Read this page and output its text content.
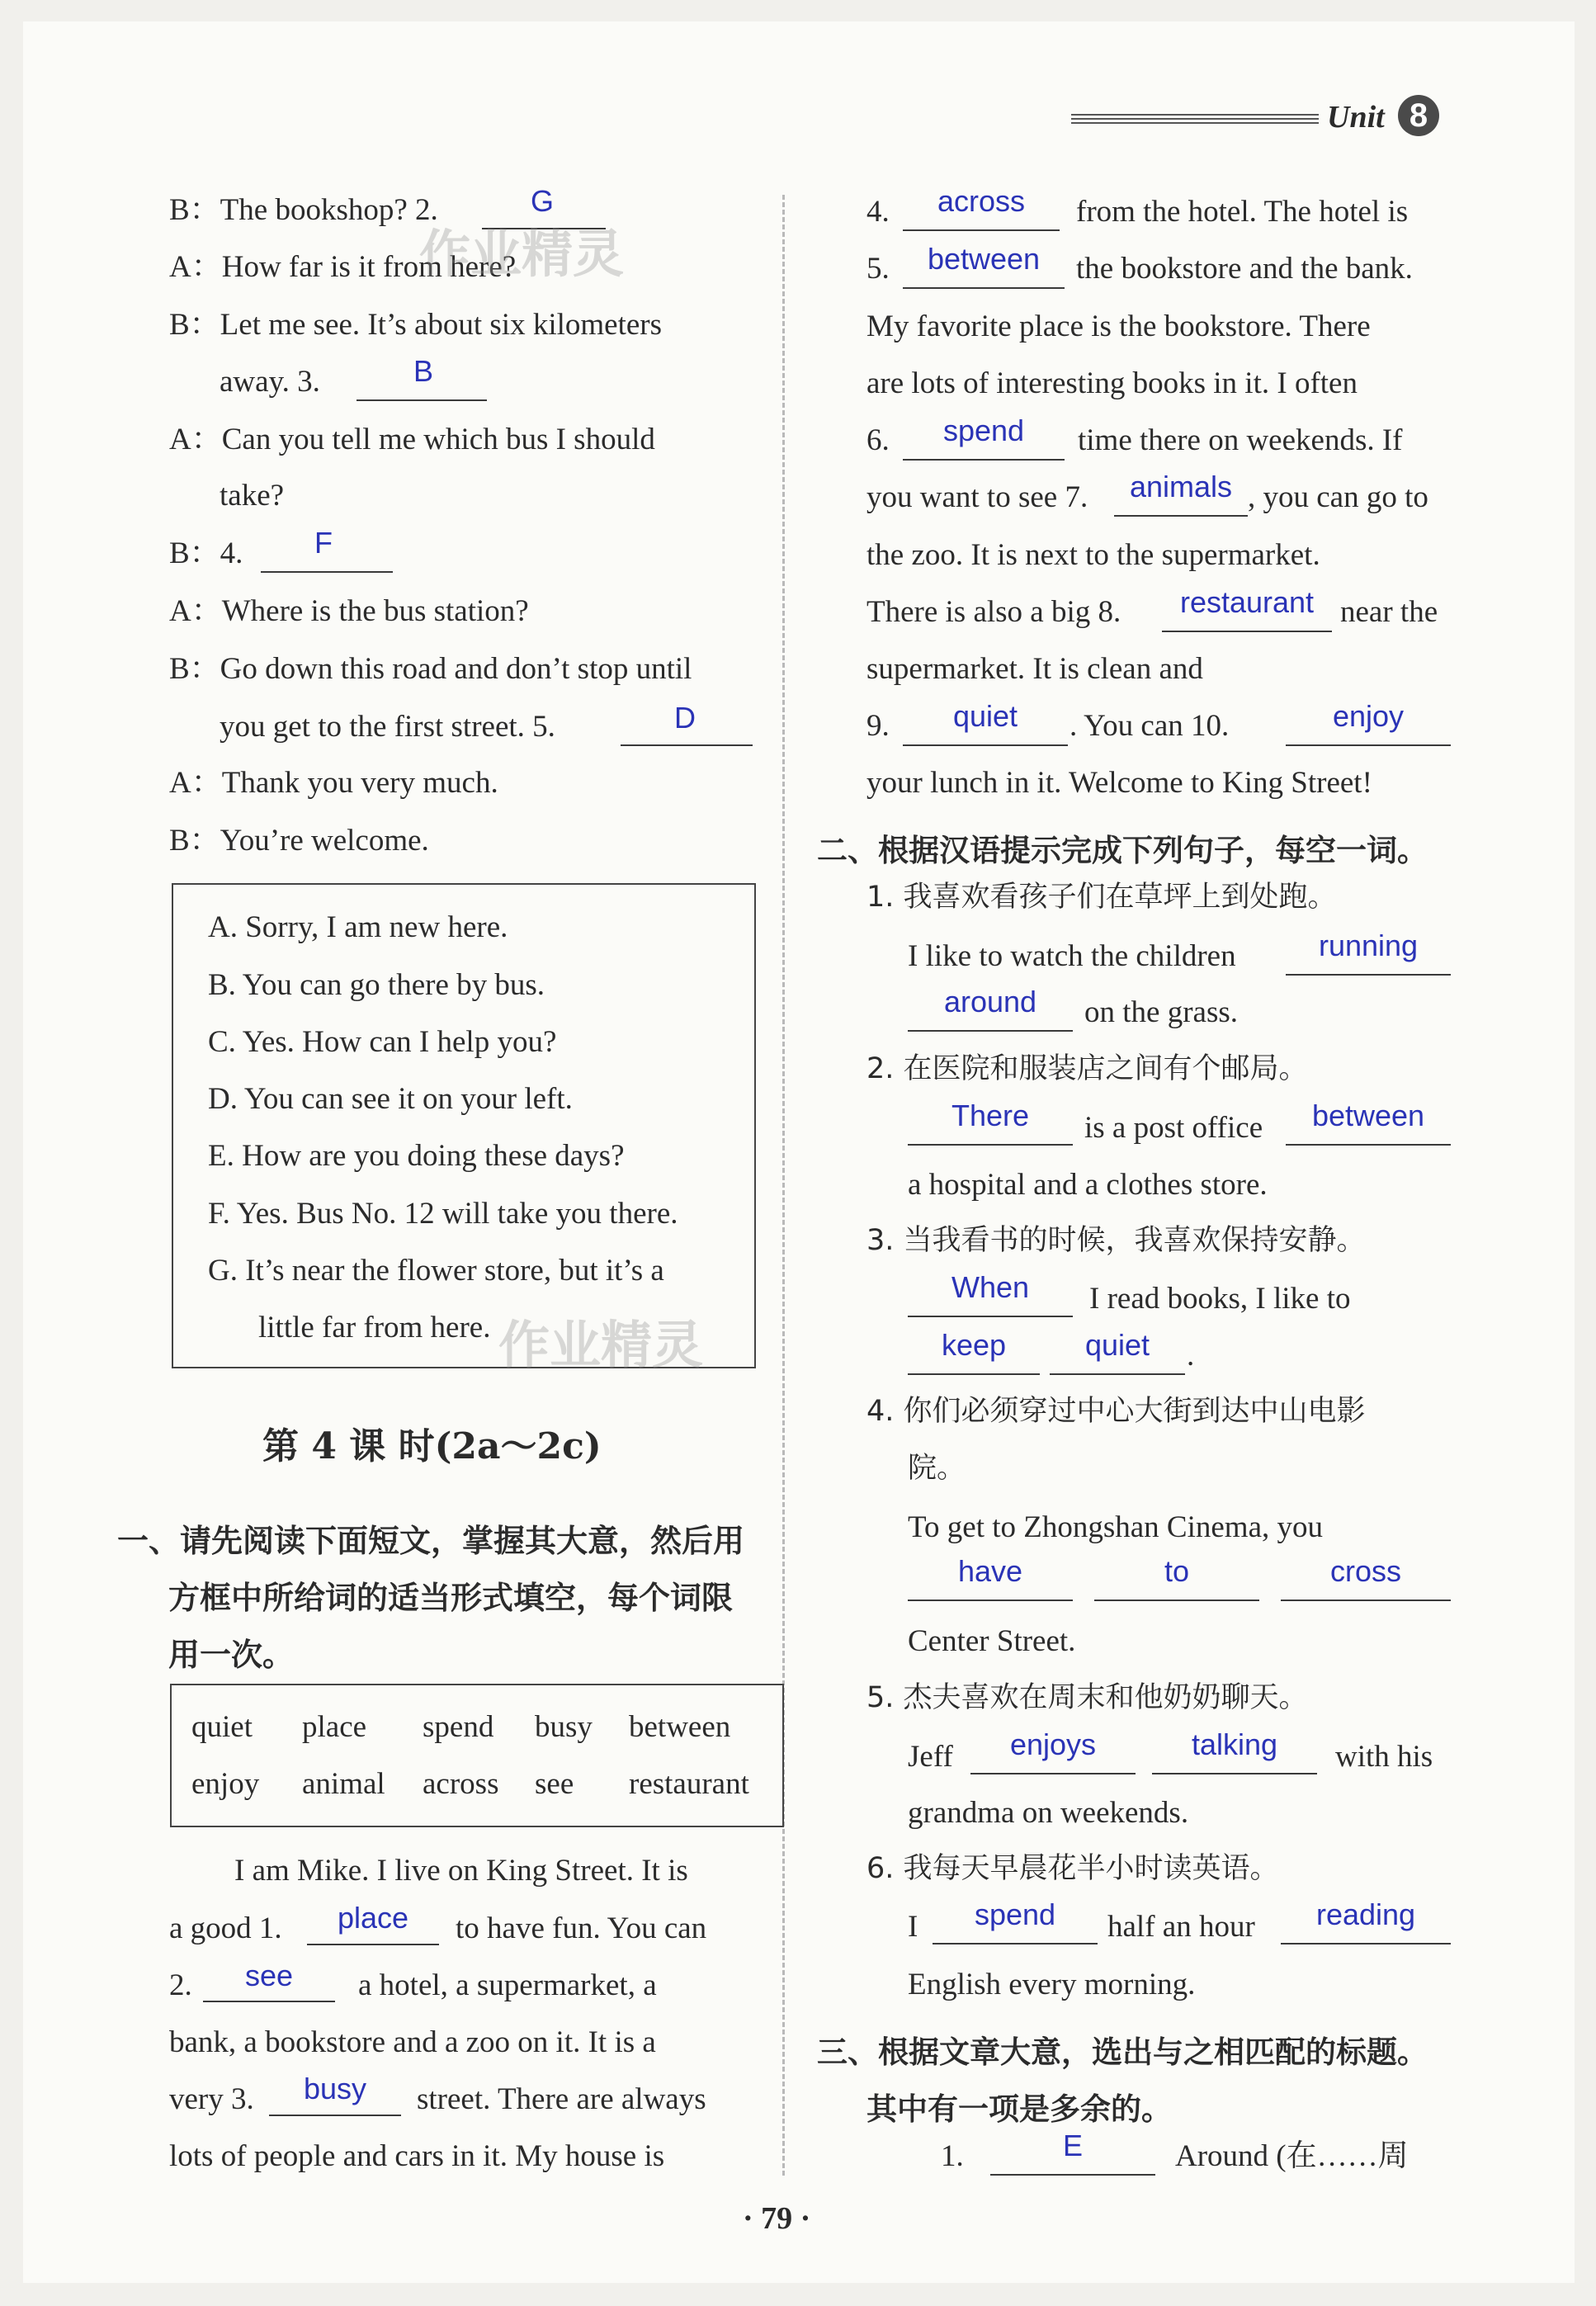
Unit 8
B：The bookshop? 2.	G
A：How far is it from here?
B：Let me see. It’s about six kilometers
away. 3.	B
A：Can you tell me which bus I should
take?
B：4.	F
A：Where is the bus station?
B：Go down this road and don’t stop until
you get to the first street. 5.	D
A：Thank you very much.
B：You’re welcome.
A. Sorry, I am new here.
B. You can go there by bus.
C. Yes. How can I help you?
D. You can see it on your left.
E. How are you doing these days?
F. Yes. Bus No. 12 will take you there.
G. It’s near the flower store, but it’s a
little far from here. 作业精灵
作业精灵
第 4 课 时(2a～2c)
一、请先阅读下面短文，掌握其大意，然后用
方框中所给词的适当形式填空，每个词限
用一次。
quiet place spend busy between
enjoy animal across see restaurant
I am Mike. I live on King Street. It is
a good 1.	place	to have fun. You can
2.	see	a hotel, a supermarket, a
bank, a bookstore and a zoo on it. It is a
very 3.	busy	street. There are always
lots of people and cars in it. My house is
4.	across	from the hotel. The hotel is
5.	between	the bookstore and the bank.
My favorite place is the bookstore. There
are lots of interesting books in it. I often
6.	spend	time there on weekends. If
you want to see 7.	animals , you can go to
the zoo. It is next to the supermarket.
There is also a big 8.	restaurant near the
supermarket. It is clean and
9.	quiet	. You can 10.	enjoy
your lunch in it. Welcome to King Street!
二、根据汉语提示完成下列句子，每空一词。
1. 我喜欢看孩子们在草坪上到处跑。
I like to watch the children	running
around	on the grass.
2. 在医院和服装店之间有个邮局。
There	is a post office	between
a hospital and a clothes store.
3. 当我看书的时候，我喜欢保持安静。
When	I read books, I like to
keep	quiet	.
4. 你们必须穿过中心大街到达中山电影
院。
To get to Zhongshan Cinema, you
have	to	cross
Center Street.
5. 杰夫喜欢在周末和他奶奶聊天。
Jeff	enjoys	talking	with his
grandma on weekends.
6. 我每天早晨花半小时读英语。
I	spend	half an hour	reading
English every morning.
三、根据文章大意，选出与之相匹配的标题。
其中有一项是多余的。
1.	E	Around (在……周
· 79 ·
